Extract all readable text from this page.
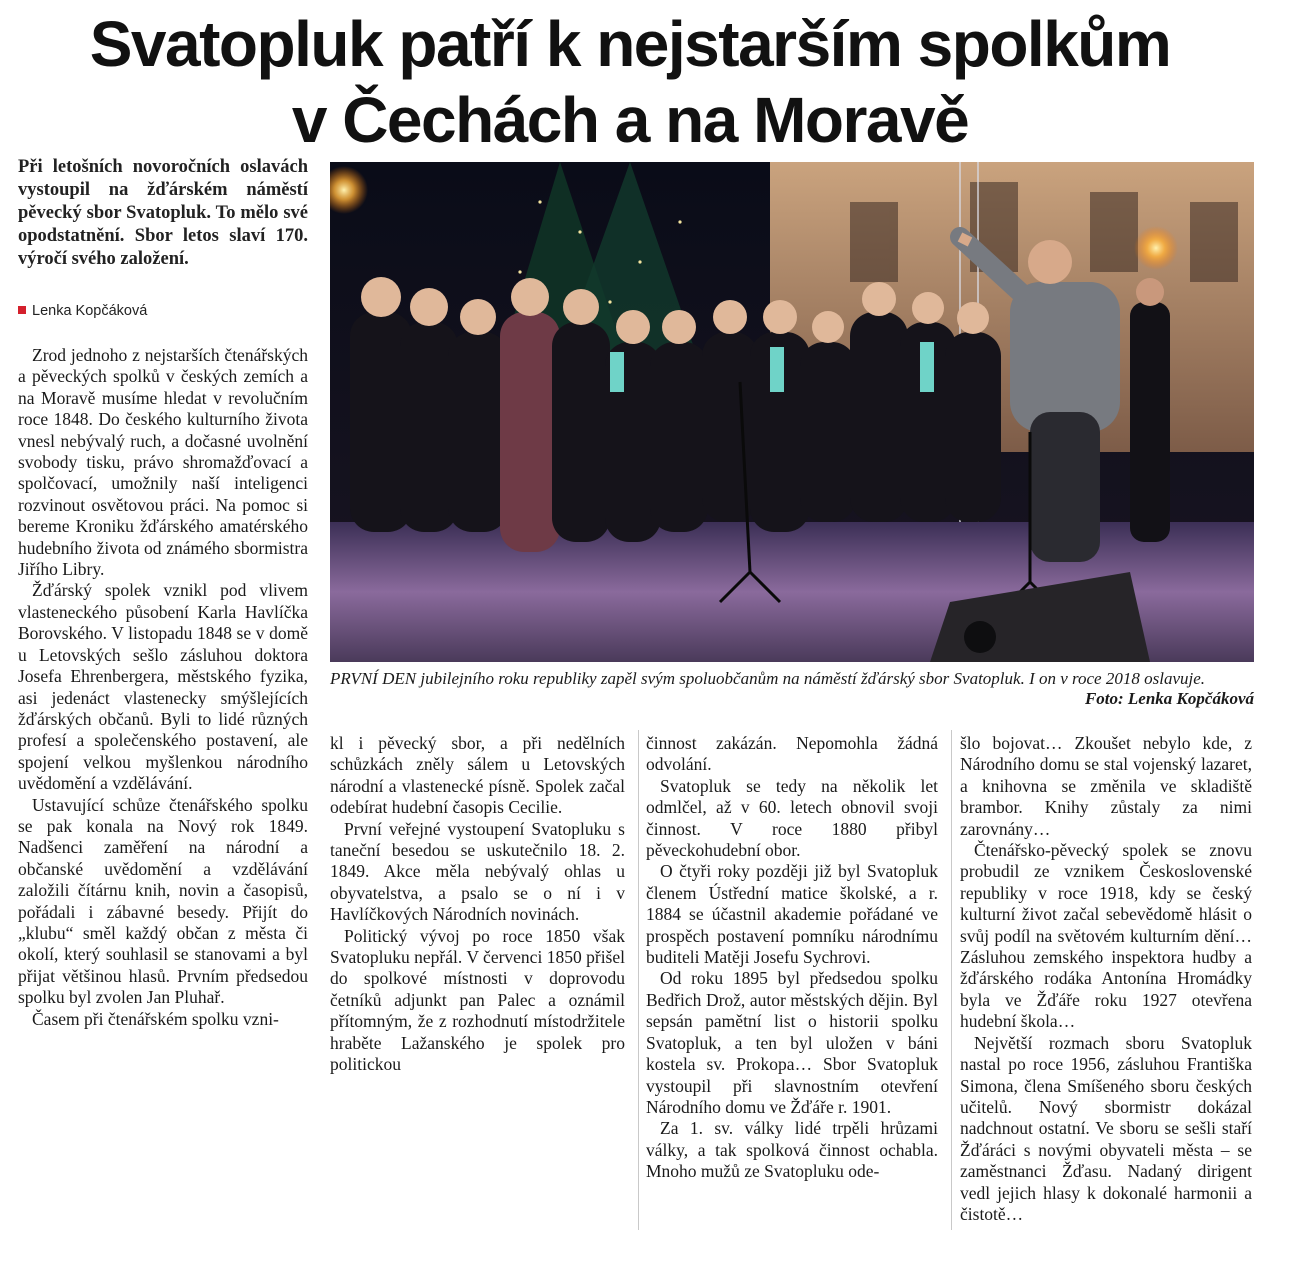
Svatopluk patří k nejstarším spolkům
v Čechách a na Moravě
Při letošních novoročních oslavách vystoupil na žďárském náměstí pěvecký sbor Svatopluk. To mělo své opodstatnění. Sbor letos slaví 170. výročí svého založení.
Lenka Kopčáková

Zrod jednoho z nejstarších čtenářských a pěveckých spolků v českých zemích a na Moravě musíme hledat v revolučním roce 1848. Do českého kulturního života vnesl nebývalý ruch, a dočasné uvolnění svobody tisku, právo shromažďovací a spolčovací, umožnily naší inteligenci rozvinout osvětovou práci. Na pomoc si bereme Kroniku žďárského amatérského hudebního života od známého sbormistra Jiřího Libry.

Žďárský spolek vznikl pod vlivem vlasteneckého působení Karla Havlíčka Borovského. V listopadu 1848 se v domě u Letovských sešlo zásluhou doktora Josefa Ehrenbergera, městského fyzika, asi jedenáct vlastenecky smýšlejících žďárských občanů. Byli to lidé různých profesí a společenského postavení, ale spojení velkou myšlenkou národního uvědomění a vzdělávání.

Ustavující schůze čtenářského spolku se pak konala na Nový rok 1849. Nadšenci zaměření na národní a občanské uvědomění a vzdělávání založili čítárnu knih, novin a časopisů, pořádali i zábavné besedy. Přijít do „klubu“ směl každý občan z města či okolí, který souhlasil se stanovami a byl přijat většinou hlasů. Prvním předsedou spolku byl zvolen Jan Pluhař.

Časem při čtenářském spolku vzni-

PRVNÍ DEN jubilejního roku republiky zapěl svým spoluobčanům na náměstí žďárský sbor Svatopluk. I on v roce 2018 oslavuje.
Foto: Lenka Kopčáková

kl i pěvecký sbor, a při nedělních schůzkách zněly sálem u Letovských národní a vlastenecké písně. Spolek začal odebírat hudební časopis Cecilie.

První veřejné vystoupení Svatopluku s taneční besedou se uskutečnilo 18. 2. 1849. Akce měla nebývalý ohlas u obyvatelstva, a psalo se o ní i v Havlíčkových Národních novinách.

Politický vývoj po roce 1850 však Svatopluku nepřál. V červenci 1850 přišel do spolkové místnosti v doprovodu četníků adjunkt pan Palec a oznámil přítomným, že z rozhodnutí místodržitele hraběte Lažanského je spolek pro politickou

činnost zakázán. Nepomohla žádná odvolání.

Svatopluk se tedy na několik let odmlčel, až v 60. letech obnovil svoji činnost. V roce 1880 přibyl pěveckohudební obor.

O čtyři roky později již byl Svatopluk členem Ústřední matice školské, a r. 1884 se účastnil akademie pořádané ve prospěch postavení pomníku národnímu buditeli Matěji Josefu Sychrovi.

Od roku 1895 byl předsedou spolku Bedřich Drož, autor městských dějin. Byl sepsán pamětní list o historii spolku Svatopluk, a ten byl uložen v báni kostela sv. Prokopa… Sbor Svatopluk vystoupil při slavnostním otevření Národního domu ve Žďáře r. 1901.

Za 1. sv. války lidé trpěli hrůzami války, a tak spolková činnost ochabla. Mnoho mužů ze Svatopluku ode-

šlo bojovat… Zkoušet nebylo kde, z Národního domu se stal vojenský lazaret, a knihovna se změnila ve skladiště brambor. Knihy zůstaly za nimi zarovnány…

Čtenářsko-pěvecký spolek se znovu probudil ze vznikem Československé republiky v roce 1918, kdy se český kulturní život začal sebevědomě hlásit o svůj podíl na světovém kulturním dění…Zásluhou zemského inspektora hudby a žďárského rodáka Antonína Hromádky byla ve Žďáře roku 1927 otevřena hudební škola…

Největší rozmach sboru Svatopluk nastal po roce 1956, zásluhou Františka Simona, člena Smíšeného sboru českých učitelů. Nový sbormistr dokázal nadchnout ostatní. Ve sboru se sešli staří Žďáráci s novými obyvateli města – se zaměstnanci Žďasu. Nadaný dirigent vedl jejich hlasy k dokonalé harmonii a čistotě…
